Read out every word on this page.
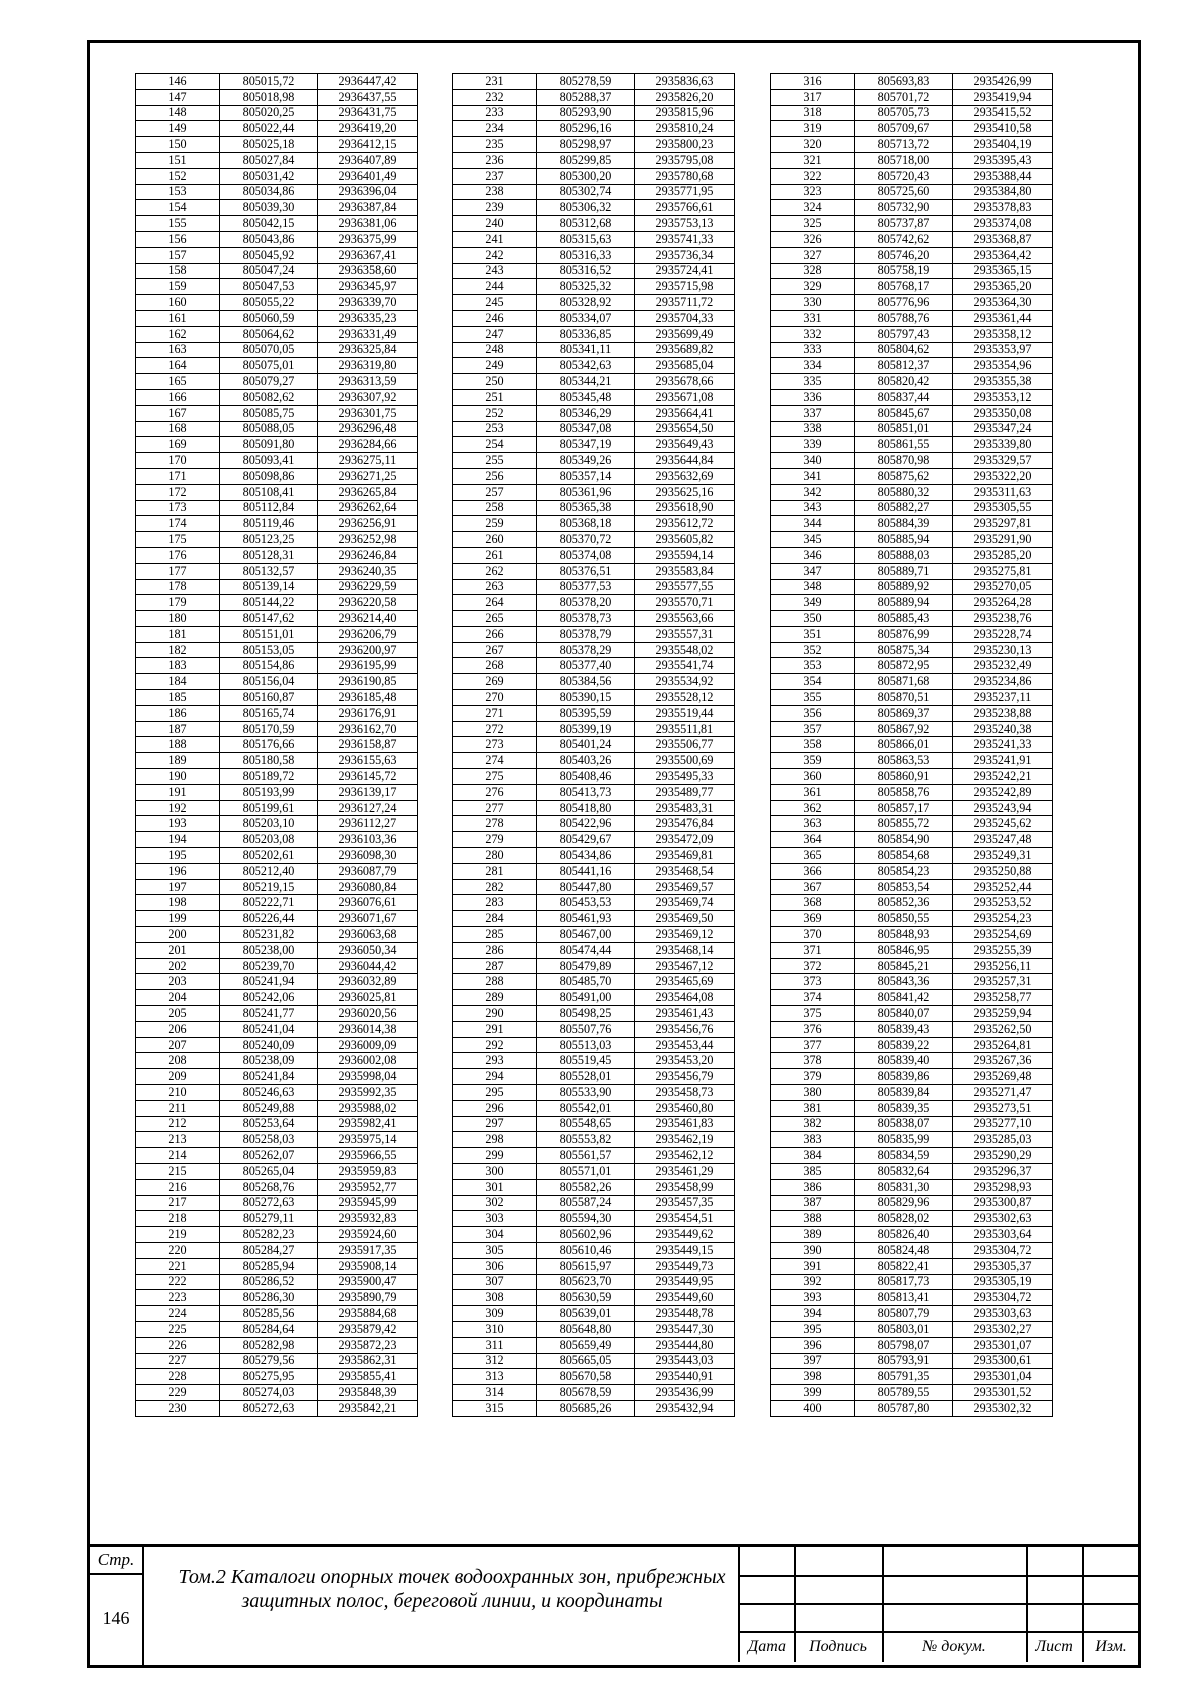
146	805015,72	2936447,42
147	805018,98	2936437,55
148	805020,25	2936431,75
149	805022,44	2936419,20
150	805025,18	2936412,15
151	805027,84	2936407,89
152	805031,42	2936401,49
153	805034,86	2936396,04
154	805039,30	2936387,84
155	805042,15	2936381,06
156	805043,86	2936375,99
157	805045,92	2936367,41
158	805047,24	2936358,60
159	805047,53	2936345,97
160	805055,22	2936339,70
161	805060,59	2936335,23
162	805064,62	2936331,49
163	805070,05	2936325,84
164	805075,01	2936319,80
165	805079,27	2936313,59
166	805082,62	2936307,92
167	805085,75	2936301,75
168	805088,05	2936296,48
169	805091,80	2936284,66
170	805093,41	2936275,11
171	805098,86	2936271,25
172	805108,41	2936265,84
173	805112,84	2936262,64
174	805119,46	2936256,91
175	805123,25	2936252,98
176	805128,31	2936246,84
177	805132,57	2936240,35
178	805139,14	2936229,59
179	805144,22	2936220,58
180	805147,62	2936214,40
181	805151,01	2936206,79
182	805153,05	2936200,97
183	805154,86	2936195,99
184	805156,04	2936190,85
185	805160,87	2936185,48
186	805165,74	2936176,91
187	805170,59	2936162,70
188	805176,66	2936158,87
189	805180,58	2936155,63
190	805189,72	2936145,72
191	805193,99	2936139,17
192	805199,61	2936127,24
193	805203,10	2936112,27
194	805203,08	2936103,36
195	805202,61	2936098,30
196	805212,40	2936087,79
197	805219,15	2936080,84
198	805222,71	2936076,61
199	805226,44	2936071,67
200	805231,82	2936063,68
201	805238,00	2936050,34
202	805239,70	2936044,42
203	805241,94	2936032,89
204	805242,06	2936025,81
205	805241,77	2936020,56
206	805241,04	2936014,38
207	805240,09	2936009,09
208	805238,09	2936002,08
209	805241,84	2935998,04
210	805246,63	2935992,35
211	805249,88	2935988,02
212	805253,64	2935982,41
213	805258,03	2935975,14
214	805262,07	2935966,55
215	805265,04	2935959,83
216	805268,76	2935952,77
217	805272,63	2935945,99
218	805279,11	2935932,83
219	805282,23	2935924,60
220	805284,27	2935917,35
221	805285,94	2935908,14
222	805286,52	2935900,47
223	805286,30	2935890,79
224	805285,56	2935884,68
225	805284,64	2935879,42
226	805282,98	2935872,23
227	805279,56	2935862,31
228	805275,95	2935855,41
229	805274,03	2935848,39
230	805272,63	2935842,21
231	805278,59	2935836,63
232	805288,37	2935826,20
233	805293,90	2935815,96
234	805296,16	2935810,24
235	805298,97	2935800,23
236	805299,85	2935795,08
237	805300,20	2935780,68
238	805302,74	2935771,95
239	805306,32	2935766,61
240	805312,68	2935753,13
241	805315,63	2935741,33
242	805316,33	2935736,34
243	805316,52	2935724,41
244	805325,32	2935715,98
245	805328,92	2935711,72
246	805334,07	2935704,33
247	805336,85	2935699,49
248	805341,11	2935689,82
249	805342,63	2935685,04
250	805344,21	2935678,66
251	805345,48	2935671,08
252	805346,29	2935664,41
253	805347,08	2935654,50
254	805347,19	2935649,43
255	805349,26	2935644,84
256	805357,14	2935632,69
257	805361,96	2935625,16
258	805365,38	2935618,90
259	805368,18	2935612,72
260	805370,72	2935605,82
261	805374,08	2935594,14
262	805376,51	2935583,84
263	805377,53	2935577,55
264	805378,20	2935570,71
265	805378,73	2935563,66
266	805378,79	2935557,31
267	805378,29	2935548,02
268	805377,40	2935541,74
269	805384,56	2935534,92
270	805390,15	2935528,12
271	805395,59	2935519,44
272	805399,19	2935511,81
273	805401,24	2935506,77
274	805403,26	2935500,69
275	805408,46	2935495,33
276	805413,73	2935489,77
277	805418,80	2935483,31
278	805422,96	2935476,84
279	805429,67	2935472,09
280	805434,86	2935469,81
281	805441,16	2935468,54
282	805447,80	2935469,57
283	805453,53	2935469,74
284	805461,93	2935469,50
285	805467,00	2935469,12
286	805474,44	2935468,14
287	805479,89	2935467,12
288	805485,70	2935465,69
289	805491,00	2935464,08
290	805498,25	2935461,43
291	805507,76	2935456,76
292	805513,03	2935453,44
293	805519,45	2935453,20
294	805528,01	2935456,79
295	805533,90	2935458,73
296	805542,01	2935460,80
297	805548,65	2935461,83
298	805553,82	2935462,19
299	805561,57	2935462,12
300	805571,01	2935461,29
301	805582,26	2935458,99
302	805587,24	2935457,35
303	805594,30	2935454,51
304	805602,96	2935449,62
305	805610,46	2935449,15
306	805615,97	2935449,73
307	805623,70	2935449,95
308	805630,59	2935449,60
309	805639,01	2935448,78
310	805648,80	2935447,30
311	805659,49	2935444,80
312	805665,05	2935443,03
313	805670,58	2935440,91
314	805678,59	2935436,99
315	805685,26	2935432,94
316	805693,83	2935426,99
317	805701,72	2935419,94
318	805705,73	2935415,52
319	805709,67	2935410,58
320	805713,72	2935404,19
321	805718,00	2935395,43
322	805720,43	2935388,44
323	805725,60	2935384,80
324	805732,90	2935378,83
325	805737,87	2935374,08
326	805742,62	2935368,87
327	805746,20	2935364,42
328	805758,19	2935365,15
329	805768,17	2935365,20
330	805776,96	2935364,30
331	805788,76	2935361,44
332	805797,43	2935358,12
333	805804,62	2935353,97
334	805812,37	2935354,96
335	805820,42	2935355,38
336	805837,44	2935353,12
337	805845,67	2935350,08
338	805851,01	2935347,24
339	805861,55	2935339,80
340	805870,98	2935329,57
341	805875,62	2935322,20
342	805880,32	2935311,63
343	805882,27	2935305,55
344	805884,39	2935297,81
345	805885,94	2935291,90
346	805888,03	2935285,20
347	805889,71	2935275,81
348	805889,92	2935270,05
349	805889,94	2935264,28
350	805885,43	2935238,76
351	805876,99	2935228,74
352	805875,34	2935230,13
353	805872,95	2935232,49
354	805871,68	2935234,86
355	805870,51	2935237,11
356	805869,37	2935238,88
357	805867,92	2935240,38
358	805866,01	2935241,33
359	805863,53	2935241,91
360	805860,91	2935242,21
361	805858,76	2935242,89
362	805857,17	2935243,94
363	805855,72	2935245,62
364	805854,90	2935247,48
365	805854,68	2935249,31
366	805854,23	2935250,88
367	805853,54	2935252,44
368	805852,36	2935253,52
369	805850,55	2935254,23
370	805848,93	2935254,69
371	805846,95	2935255,39
372	805845,21	2935256,11
373	805843,36	2935257,31
374	805841,42	2935258,77
375	805840,07	2935259,94
376	805839,43	2935262,50
377	805839,22	2935264,81
378	805839,40	2935267,36
379	805839,86	2935269,48
380	805839,84	2935271,47
381	805839,35	2935273,51
382	805838,07	2935277,10
383	805835,99	2935285,03
384	805834,59	2935290,29
385	805832,64	2935296,37
386	805831,30	2935298,93
387	805829,96	2935300,87
388	805828,02	2935302,63
389	805826,40	2935303,64
390	805824,48	2935304,72
391	805822,41	2935305,37
392	805817,73	2935305,19
393	805813,41	2935304,72
394	805807,79	2935303,63
395	805803,01	2935302,27
396	805798,07	2935301,07
397	805793,91	2935300,61
398	805791,35	2935301,04
399	805789,55	2935301,52
400	805787,80	2935302,32
Стр.
146
Том.2 Каталоги опорных точек водоохранных зон, прибрежных
защитных полос, береговой линии, и координаты
Дата	Подпись	№ докум.	Лист	Изм.
